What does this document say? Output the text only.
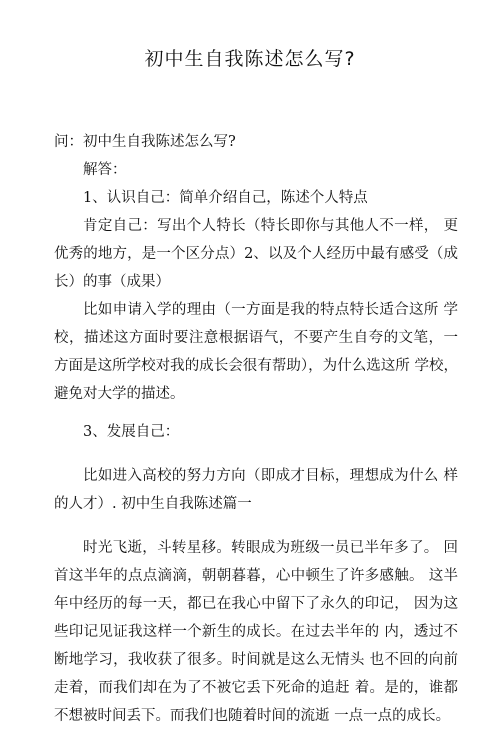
初中生自我陈述怎么写?

问：初中生自我陈述怎么写?

解答：

1、认识自己：简单介绍自己，陈述个人特点

肯定自己：写出个人特长（特长即你与其他人不一样， 更优秀的地方，是一个区分点）2、以及个人经历中最有感受（成长）的事（成果）

比如申请入学的理由（一方面是我的特点特长适合这所 学校，描述这方面时要注意根据语气，不要产生自夸的文笔，一方面是这所学校对我的成长会很有帮助），为什么选这所 学校，避免对大学的描述。

3、发展自己：

比如进入高校的努力方向（即成才目标，理想成为什么 样的人才）. 初中生自我陈述篇一

时光飞逝，斗转星移。转眼成为班级一员已半年多了。 回首这半年的点点滴滴，朝朝暮暮，心中顿生了许多感触。 这半年中经历的每一天，都已在我心中留下了永久的印记， 因为这些印记见证我这样一个新生的成长。在过去半年的 内，透过不断地学习，我收获了很多。时间就是这么无情头 也不回的向前走着，而我们却在为了不被它丢下死命的追赶 着。是的，谁都不想被时间丢下。而我们也随着时间的流逝 一点一点的成长。
